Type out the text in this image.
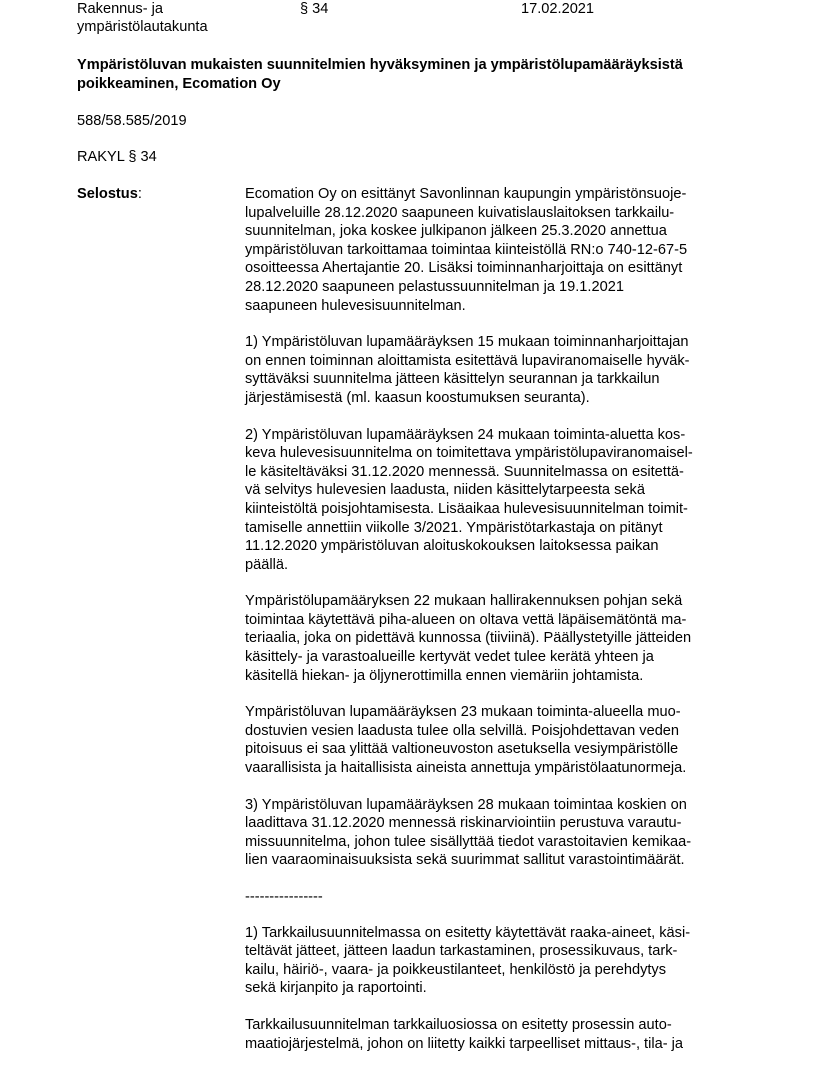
Rakennus- ja
ympäristölautakunta
§ 34	17.02.2021
Ympäristöluvan mukaisten suunnitelmien hyväksyminen ja ympäristölupamääräyksistä
poikkeaminen, Ecomation Oy
588/58.585/2019
RAKYL § 34
Selostus:	Ecomation Oy on esittänyt Savonlinnan kaupungin ympäristönsuoje-
lupalveluille 28.12.2020 saapuneen kuivatislauslaitoksen tarkkailu-
suunnitelman, joka koskee julkipanon jälkeen 25.3.2020 annettua
ympäristöluvan tarkoittamaa toimintaa kiinteistöllä RN:o 740-12-67-5
osoitteessa Ahertajantie 20. Lisäksi toiminnanharjoittaja on esittänyt
28.12.2020 saapuneen pelastussuunnitelman ja 19.1.2021
saapuneen hulevesisuunnitelman.

1) Ympäristöluvan lupamääräyksen 15 mukaan toiminnanharjoittajan
on ennen toiminnan aloittamista esitettävä lupaviranomaiselle hyväk-
syttäväksi suunnitelma jätteen käsittelyn seurannan ja tarkkailun
järjestämisestä (ml. kaasun koostumuksen seuranta).

2) Ympäristöluvan lupamääräyksen 24 mukaan toiminta-aluetta kos-
keva hulevesisuunnitelma on toimitettava ympäristölupaviranomaisel-
le käsiteltäväksi 31.12.2020 mennessä. Suunnitelmassa on esitettä-
vä selvitys hulevesien laadusta, niiden käsittelytarpeesta sekä
kiinteistöltä poisjohtamisesta. Lisäaikaa hulevesisuunnitelman toimit-
tamiselle annettiin viikolle 3/2021. Ympäristötarkastaja on pitänyt
11.12.2020 ympäristöluvan aloituskokouksen laitoksessa paikan
päällä.

Ympäristölupamääryksen 22 mukaan hallirakennuksen pohjan sekä
toimintaa käytettävä piha-alueen on oltava vettä läpäisemätöntä ma-
teriaalia, joka on pidettävä kunnossa (tiiviinä). Päällystetyille jätteiden
käsittely- ja varastoalueille kertyvät vedet tulee kerätä yhteen ja
käsitellä hiekan- ja öljynerottimilla ennen viemäriin johtamista.

Ympäristöluvan lupamääräyksen 23 mukaan toiminta-alueella muo-
dostuvien vesien laadusta tulee olla selvillä. Poisjohdettavan veden
pitoisuus ei saa ylittää valtioneuvoston asetuksella vesiympäristölle
vaarallisista ja haitallisista aineista annettuja ympäristölaatunormeja.

3) Ympäristöluvan lupamääräyksen 28 mukaan toimintaa koskien on
laadittava 31.12.2020 mennessä riskinarviointiin perustuva varautu-
missuunnitelma, johon tulee sisällyttää tiedot varastoitavien kemikaa-
lien vaaraominaisuuksista sekä suurimmat sallitut varastointimäärät.

----------------

1) Tarkkailusuunnitelmassa on esitetty käytettävät raaka-aineet, käsi-
teltävät jätteet, jätteen laadun tarkastaminen, prosessikuvaus, tark-
kailu, häiriö-, vaara- ja poikkeustilanteet, henkilöstö ja perehdytys
sekä kirjanpito ja raportointi.

Tarkkailusuunnitelman tarkkailuosiossa on esitetty prosessin auto-
maatiojärjestelmä, johon on liitetty kaikki tarpeelliset mittaus-, tila- ja
